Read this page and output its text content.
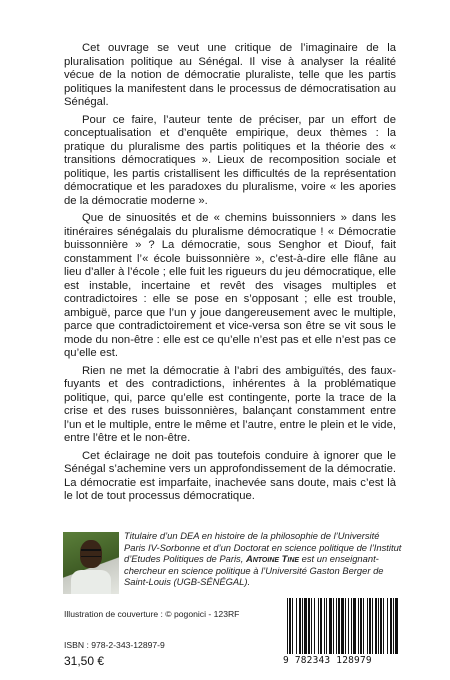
Cet ouvrage se veut une critique de l’imaginaire de la pluralisation politique au Sénégal. Il vise à analyser la réalité vécue de la notion de démocratie pluraliste, telle que les partis politiques la manifestent dans le processus de démocratisation au Sénégal.

Pour ce faire, l’auteur tente de préciser, par un effort de conceptualisation et d’enquête empirique, deux thèmes : la pratique du pluralisme des partis politiques et la théorie des « transitions démocratiques ». Lieux de recomposition sociale et politique, les partis cristallisent les difficultés de la représentation démocratique et les paradoxes du pluralisme, voire « les apories de la démocratie moderne ».

Que de sinuosités et de « chemins buissonniers » dans les itinéraires sénégalais du pluralisme démocratique ! « Démocratie buissonnière » ? La démocratie, sous Senghor et Diouf, fait constamment l’« école buissonnière », c’est-à-dire elle flâne au lieu d’aller à l’école ; elle fuit les rigueurs du jeu démocratique, elle est instable, incertaine et revêt des visages multiples et contradictoires : elle se pose en s’opposant ; elle est trouble, ambiguë, parce que l’un y joue dangereusement avec le multiple, parce que contradictoirement et vice-versa son être se vit sous le mode du non-être : elle est ce qu’elle n’est pas et elle n’est pas ce qu’elle est.

Rien ne met la démocratie à l’abri des ambiguïtés, des faux-fuyants et des contradictions, inhérentes à la problématique politique, qui, parce qu’elle est contingente, porte la trace de la crise et des ruses buissonnières, balançant constamment entre l’un et le multiple, entre le même et l’autre, entre le plein et le vide, entre l’être et le non-être.

Cet éclairage ne doit pas toutefois conduire à ignorer que le Sénégal s’achemine vers un approfondissement de la démocratie. La démocratie est imparfaite, inachevée sans doute, mais c’est là le lot de tout processus démocratique.

Titulaire d’un DEA en histoire de la philosophie de l’Université Paris IV-Sorbonne et d’un Doctorat en science politique de l’Institut d’Etudes Politiques de Paris, Antoine Tine est un enseignant-chercheur en science politique à l’Université Gaston Berger de Saint-Louis (UGB-SÉNÉGAL).
Illustration de couverture : © pogonici - 123RF
ISBN : 978-2-343-12897-9
31,50 €	9 782343 128979
